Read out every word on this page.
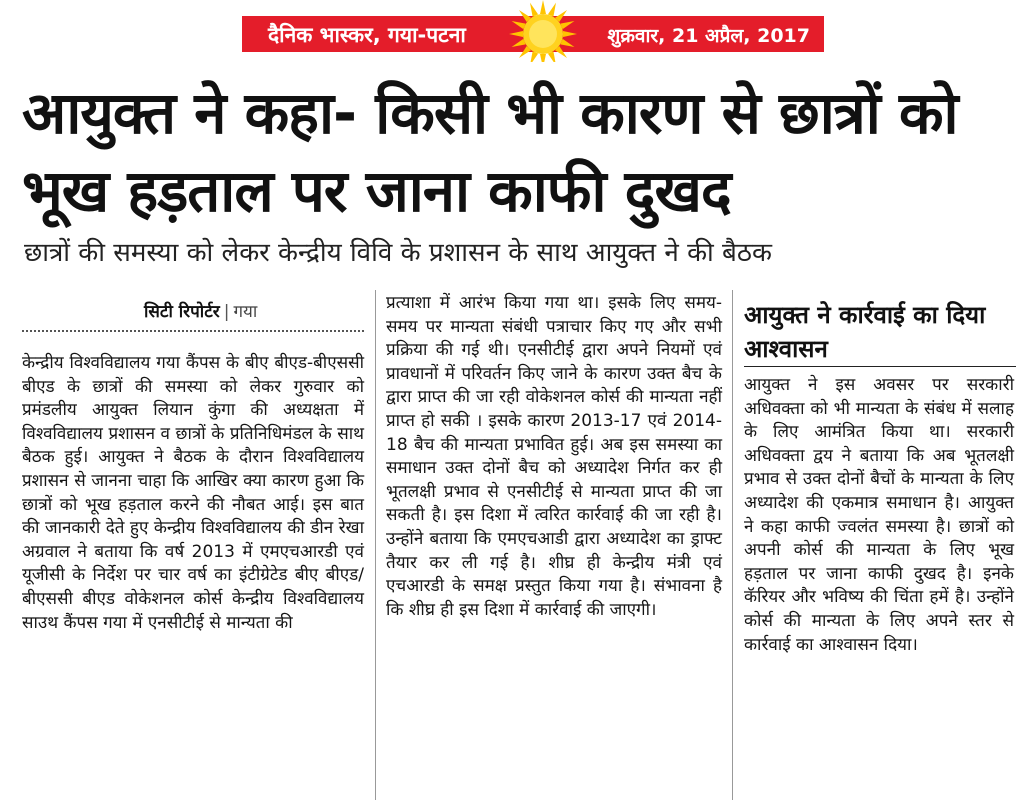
दैनिक भास्कर, गया-पटना	शुक्रवार, 21 अप्रैल, 2017
आयुक्त ने कहा- किसी भी कारण से छात्रों को भूख हड़ताल पर जाना काफी दुखद
छात्रों की समस्या को लेकर केन्द्रीय विवि के प्रशासन के साथ आयुक्त ने की बैठक
सिटी रिपोर्टर | गया
केन्द्रीय विश्वविद्यालय गया कैंपस के बीए बीएड-बीएससी बीएड के छात्रों की समस्या को लेकर गुरुवार को प्रमंडलीय आयुक्त लियान कुंगा की अध्यक्षता में विश्वविद्यालय प्रशासन व छात्रों के प्रतिनिधिमंडल के साथ बैठक हुई। आयुक्त ने बैठक के दौरान विश्वविद्यालय प्रशासन से जानना चाहा कि आखिर क्या कारण हुआ कि छात्रों को भूख हड़ताल करने की नौबत आई। इस बात की जानकारी देते हुए केन्द्रीय विश्वविद्यालय की डीन रेखा अग्रवाल ने बताया कि वर्ष 2013 में एमएचआरडी एवं यूजीसी के निर्देश पर चार वर्ष का इंटीग्रेटेड बीए बीएड/बीएससी बीएड वोकेशनल कोर्स केन्द्रीय विश्वविद्यालय साउथ कैंपस गया में एनसीटीई से मान्यता की
प्रत्याशा में आरंभ किया गया था। इसके लिए समय-समय पर मान्यता संबंधी पत्राचार किए गए और सभी प्रक्रिया की गई थी। एनसीटीई द्वारा अपने नियमों एवं प्रावधानों में परिवर्तन किए जाने के कारण उक्त बैच के द्वारा प्राप्त की जा रही वोकेशनल कोर्स की मान्यता नहीं प्राप्त हो सकी । इसके कारण 2013-17 एवं 2014-18 बैच की मान्यता प्रभावित हुई। अब इस समस्या का समाधान उक्त दोनों बैच को अध्यादेश निर्गत कर ही भूतलक्षी प्रभाव से एनसीटीई से मान्यता प्राप्त की जा सकती है। इस दिशा में त्वरित कार्रवाई की जा रही है। उन्होंने बताया कि एमएचआडी द्वारा अध्यादेश का ड्राफ्ट तैयार कर ली गई है। शीघ्र ही केन्द्रीय मंत्री एवं एचआरडी के समक्ष प्रस्तुत किया गया है। संभावना है कि शीघ्र ही इस दिशा में कार्रवाई की जाएगी।
आयुक्त ने कार्रवाई का दिया आश्वासन
आयुक्त ने इस अवसर पर सरकारी अधिवक्ता को भी मान्यता के संबंध में सलाह के लिए आमंत्रित किया था। सरकारी अधिवक्ता द्वय ने बताया कि अब भूतलक्षी प्रभाव से उक्त दोनों बैचों के मान्यता के लिए अध्यादेश की एकमात्र समाधान है। आयुक्त ने कहा काफी ज्वलंत समस्या है। छात्रों को अपनी कोर्स की मान्यता के लिए भूख हड़ताल पर जाना काफी दुखद है। इनके कॅरियर और भविष्य की चिंता हमें है। उन्होंने कोर्स की मान्यता के लिए अपने स्तर से कार्रवाई का आश्वासन दिया।
